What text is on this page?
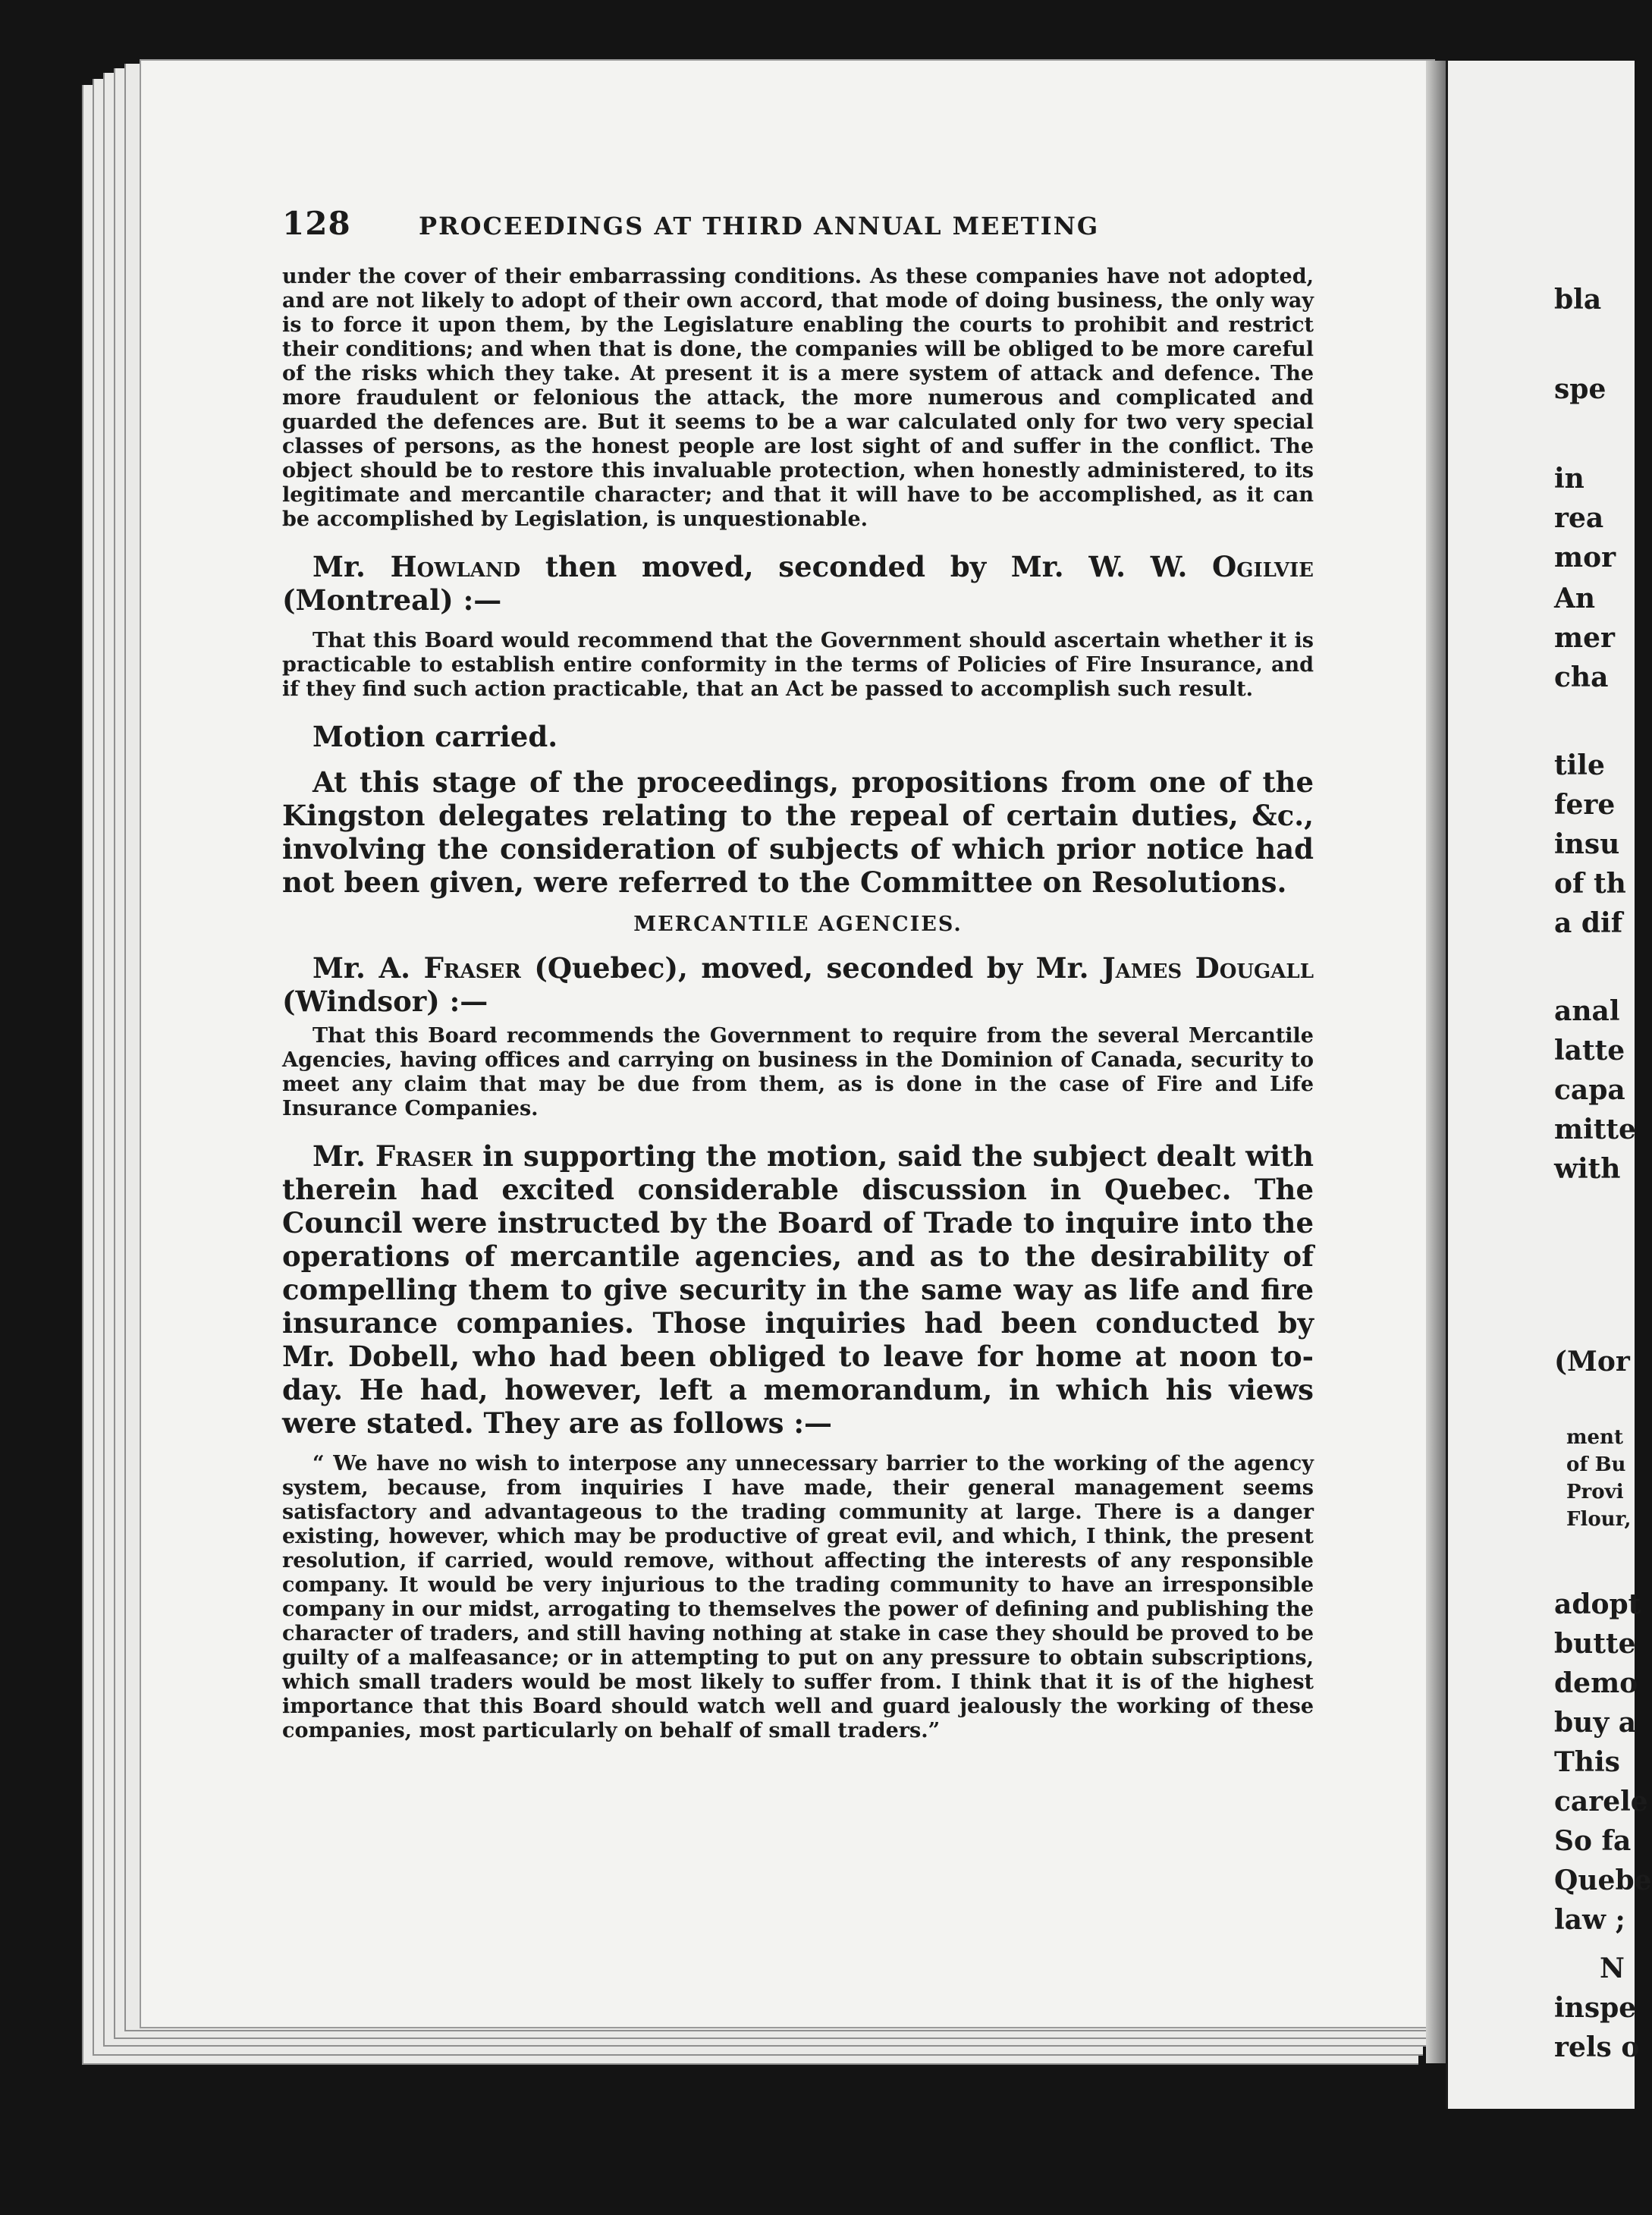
128	PROCEEDINGS AT THIRD ANNUAL MEETING

under the cover of their embarrassing conditions. As these companies have not adopted, and are not likely to adopt of their own accord, that mode of doing business, the only way is to force it upon them, by the Legislature enabling the courts to prohibit and restrict their conditions; and when that is done, the companies will be obliged to be more careful of the risks which they take. At present it is a mere system of attack and defence. The more fraudulent or felonious the attack, the more numerous and complicated and guarded the defences are. But it seems to be a war calculated only for two very special classes of persons, as the honest people are lost sight of and suffer in the conflict. The object should be to restore this invaluable protection, when honestly administered, to its legitimate and mercantile character; and that it will have to be accomplished, as it can be accomplished by Legislation, is unquestionable.

Mr. Howland then moved, seconded by Mr. W. W. Ogilvie (Montreal) :—

That this Board would recommend that the Government should ascertain whether it is practicable to establish entire conformity in the terms of Policies of Fire Insurance, and if they find such action practicable, that an Act be passed to accomplish such result.

Motion carried.

At this stage of the proceedings, propositions from one of the Kingston delegates relating to the repeal of certain duties, &c., involving the consideration of subjects of which prior notice had not been given, were referred to the Committee on Resolutions.

MERCANTILE AGENCIES.

Mr. A. Fraser (Quebec), moved, seconded by Mr. James Dougall (Windsor) :—

That this Board recommends the Government to require from the several Mercantile Agencies, having offices and carrying on business in the Dominion of Canada, security to meet any claim that may be due from them, as is done in the case of Fire and Life Insurance Companies.

Mr. Fraser in supporting the motion, said the subject dealt with therein had excited considerable discussion in Quebec. The Council were instructed by the Board of Trade to inquire into the operations of mercantile agencies, and as to the desirability of compelling them to give security in the same way as life and fire insurance companies. Those inquiries had been conducted by Mr. Dobell, who had been obliged to leave for home at noon to-day. He had, however, left a memorandum, in which his views were stated. They are as follows :—

“ We have no wish to interpose any unnecessary barrier to the working of the agency system, because, from inquiries I have made, their general management seems satisfactory and advantageous to the trading community at large. There is a danger existing, however, which may be productive of great evil, and which, I think, the present resolution, if carried, would remove, without affecting the interests of any responsible company. It would be very injurious to the trading community to have an irresponsible company in our midst, arrogating to themselves the power of defining and publishing the character of traders, and still having nothing at stake in case they should be proved to be guilty of a malfeasance; or in attempting to put on any pressure to obtain subscriptions, which small traders would be most likely to suffer from. I think that it is of the highest importance that this Board should watch well and guard jealously the working of these companies, most particularly on behalf of small traders.”

bla
spe
in
rea
mor
An
mer
cha
tile
fere
insu
of th
a dif
anal
latte
capa
mitte
with
(Mor
ment
of Bu
Provi
Flour,
adopt
butte
demo
buy a
This
carele
So fa
Quebe
law ;
N
inspe
rels o
